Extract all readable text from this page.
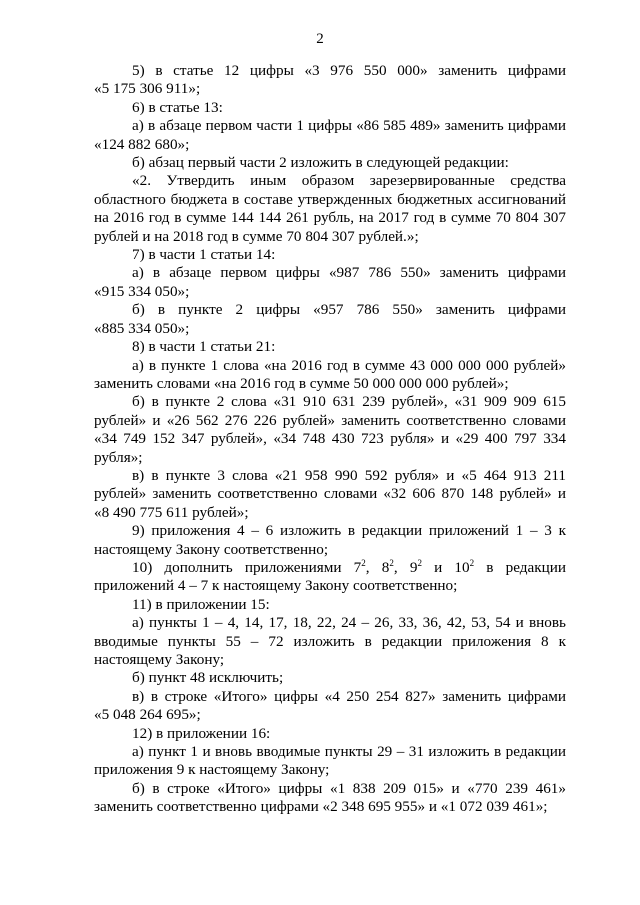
2

5) в статье 12 цифры «3 976 550 000» заменить цифрами «5 175 306 911»;

6) в статье 13:

а) в абзаце первом части 1 цифры «86 585 489» заменить цифрами «124 882 680»;

б) абзац первый части 2 изложить в следующей редакции:

«2. Утвердить иным образом зарезервированные средства областного бюджета в составе утвержденных бюджетных ассигнований на 2016 год в сумме 144 144 261 рубль, на 2017 год в сумме 70 804 307 рублей и на 2018 год в сумме 70 804 307 рублей.»;

7) в части 1 статьи 14:

а) в абзаце первом цифры «987 786 550» заменить цифрами «915 334 050»;

б) в пункте 2 цифры «957 786 550» заменить цифрами «885 334 050»;

8) в части 1 статьи 21:

а) в пункте 1 слова «на 2016 год в сумме 43 000 000 000 рублей» заменить словами «на 2016 год в сумме 50 000 000 000 рублей»;

б) в пункте 2 слова «31 910 631 239 рублей», «31 909 909 615 рублей» и «26 562 276 226 рублей» заменить соответственно словами «34 749 152 347 рублей», «34 748 430 723 рубля» и «29 400 797 334 рубля»;

в) в пункте 3 слова «21 958 990 592 рубля» и «5 464 913 211 рублей» заменить соответственно словами «32 606 870 148 рублей» и «8 490 775 611 рублей»;

9) приложения 4 – 6 изложить в редакции приложений 1 – 3 к настоящему Закону соответственно;

10) дополнить приложениями $7^2$, $8^2$, $9^2$ и $10^2$ в редакции приложений 4 – 7 к настоящему Закону соответственно;

11) в приложении 15:

а) пункты 1 – 4, 14, 17, 18, 22, 24 – 26, 33, 36, 42, 53, 54 и вновь вводимые пункты 55 – 72 изложить в редакции приложения 8 к настоящему Закону;

б) пункт 48 исключить;

в) в строке «Итого» цифры «4 250 254 827» заменить цифрами «5 048 264 695»;

12) в приложении 16:

а) пункт 1 и вновь вводимые пункты 29 – 31 изложить в редакции приложения 9 к настоящему Закону;

б) в строке «Итого» цифры «1 838 209 015» и «770 239 461» заменить соответственно цифрами «2 348 695 955» и «1 072 039 461»;
